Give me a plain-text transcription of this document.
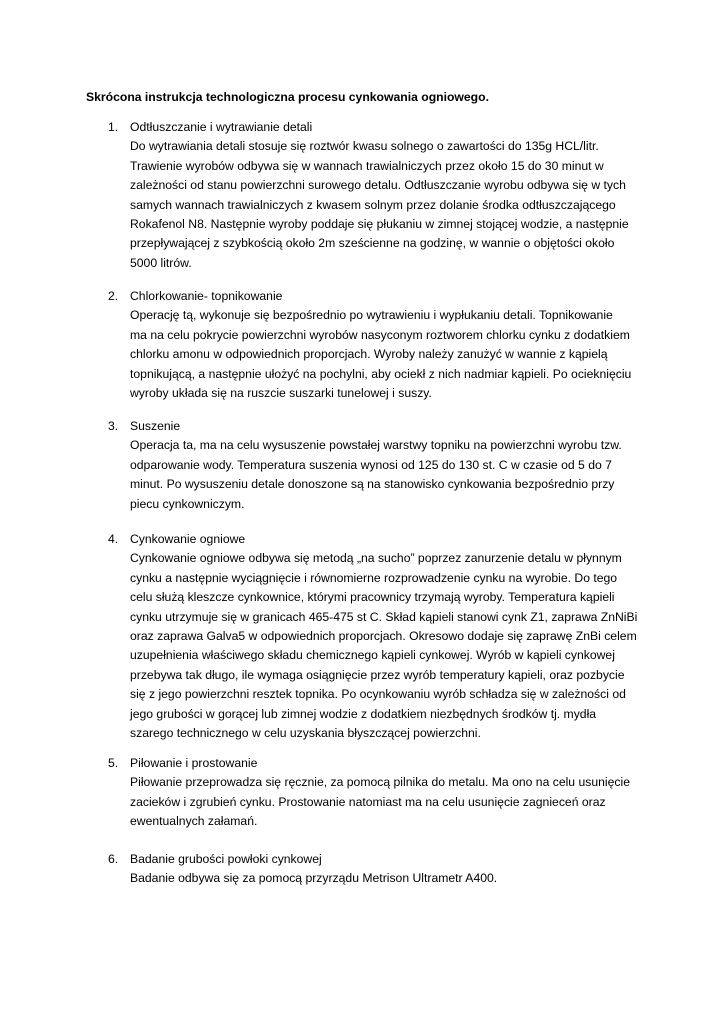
Skrócona instrukcja technologiczna procesu cynkowania ogniowego.
1. Odtłuszczanie i wytrawianie detali
Do wytrawiania detali stosuje się roztwór kwasu solnego o zawartości do 135g HCL/litr.
Trawienie wyrobów odbywa się w wannach trawialniczych przez około 15 do 30 minut w
zależności od stanu powierzchni surowego detalu. Odtłuszczanie wyrobu odbywa się w tych
samych wannach trawialniczych z kwasem solnym przez dolanie środka odtłuszczającego
Rokafenol N8. Następnie wyroby poddaje się płukaniu w zimnej stojącej wodzie, a następnie
przepływającej z szybkością około 2m sześcienne na godzinę, w wannie o objętości około
5000 litrów.
2. Chlorkowanie- topnikowanie
Operację tą, wykonuje się bezpośrednio po wytrawieniu i wypłukaniu detali. Topnikowanie
ma na celu pokrycie powierzchni wyrobów nasyconym roztworem chlorku cynku z dodatkiem
chlorku amonu w odpowiednich proporcjach. Wyroby należy zanużyć w wannie z kąpielą
topnikującą, a następnie ułożyć na pochylni, aby ociekł z nich nadmiar kąpieli. Po ocieknięciu
wyroby układa się na ruszcie suszarki tunelowej i suszy.
3. Suszenie
Operacja ta, ma na celu wysuszenie powstałej warstwy topniku na powierzchni wyrobu tzw.
odparowanie wody. Temperatura suszenia wynosi od 125 do 130 st. C w czasie od 5 do 7
minut. Po wysuszeniu detale donoszone są na stanowisko cynkowania bezpośrednio przy
piecu cynkowniczym.
4. Cynkowanie ogniowe
Cynkowanie ogniowe odbywa się metodą „na sucho” poprzez zanurzenie detalu w płynnym
cynku a następnie wyciągnięcie i równomierne rozprowadzenie cynku na wyrobie. Do tego
celu służą kleszcze cynkownice, którymi pracownicy trzymają wyroby. Temperatura kąpieli
cynku utrzymuje się w granicach 465-475 st C. Skład kąpieli stanowi cynk Z1, zaprawa ZnNiBi
oraz zaprawa Galva5 w odpowiednich proporcjach. Okresowo dodaje się zaprawę ZnBi celem
uzupełnienia właściwego składu chemicznego kąpieli cynkowej. Wyrób w kąpieli cynkowej
przebywa tak długo, ile wymaga osiągnięcie przez wyrób temperatury kąpieli, oraz pozbycie
się z jego powierzchni resztek topnika. Po ocynkowaniu wyrób schładza się w zależności od
jego grubości w gorącej lub zimnej wodzie z dodatkiem niezbędnych środków tj. mydła
szarego technicznego w celu uzyskania błyszczącej powierzchni.
5. Piłowanie i prostowanie
Piłowanie przeprowadza się ręcznie, za pomocą pilnika do metalu. Ma ono na celu usunięcie
zacieków i zgrubień cynku. Prostowanie natomiast ma na celu usunięcie zagnieceń oraz
ewentualnych załamań.
6. Badanie grubości powłoki cynkowej
Badanie odbywa się za pomocą przyrządu Metrison Ultrametr A400.
